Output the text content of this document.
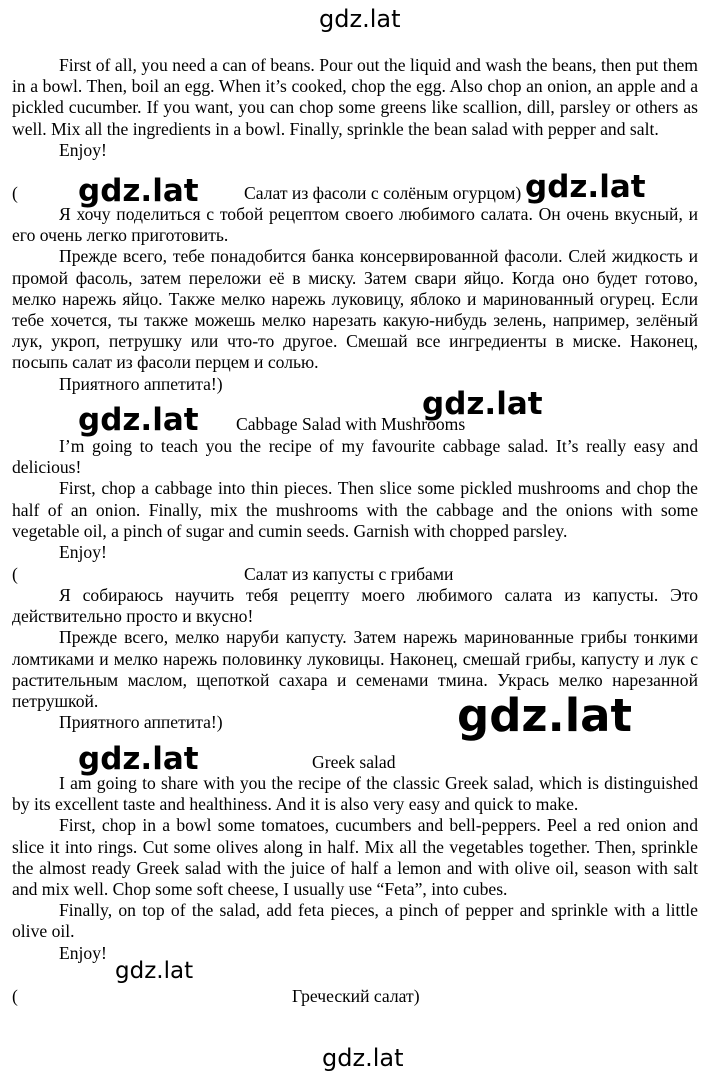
gdz.lat

First of all, you need a can of beans. Pour out the liquid and wash the beans, then put them in a bowl. Then, boil an egg. When it’s cooked, chop the egg. Also chop an onion, an apple and a pickled cucumber. If you want, you can chop some greens like scallion, dill, parsley or others as well. Mix all the ingredients in a bowl. Finally, sprinkle the bean salad with pepper and salt.

Enjoy!

(	Салат из фасоли с солёным огурцом)
gdz.lat	gdz.lat

Я хочу поделиться с тобой рецептом своего любимого салата. Он очень вкусный, и его очень легко приготовить.

Прежде всего, тебе понадобится банка консервированной фасоли. Слей жидкость и промой фасоль, затем переложи её в миску. Затем свари яйцо. Когда оно будет готово, мелко нарежь яйцо. Также мелко нарежь луковицу, яблоко и маринованный огурец. Если тебе хочется, ты также можешь мелко нарезать какую-нибудь зелень, например, зелёный лук, укроп, петрушку или что-то другое. Смешай все ингредиенты в миске. Наконец, посыпь салат из фасоли перцем и солью.

Приятного аппетита!)

Cabbage Salad with Mushrooms
gdz.lat	gdz.lat

I’m going to teach you the recipe of my favourite cabbage salad. It’s really easy and delicious!

First, chop a cabbage into thin pieces. Then slice some pickled mushrooms and chop the half of an onion. Finally, mix the mushrooms with the cabbage and the onions with some vegetable oil, a pinch of sugar and cumin seeds. Garnish with chopped parsley.

Enjoy!

(	Салат из капусты с грибами

Я собираюсь научить тебя рецепту моего любимого салата из капусты. Это действительно просто и вкусно!

Прежде всего, мелко наруби капусту. Затем нарежь маринованные грибы тонкими ломтиками и мелко нарежь половинку луковицы. Наконец, смешай грибы, капусту и лук с растительным маслом, щепоткой сахара и семенами тмина. Укрась мелко нарезанной петрушкой.

Приятного аппетита!)	gdz.lat
Greek salad
gdz.lat

I am going to share with you the recipe of the classic Greek salad, which is distinguished by its excellent taste and healthiness. And it is also very easy and quick to make.

First, chop in a bowl some tomatoes, cucumbers and bell-peppers. Peel a red onion and slice it into rings. Cut some olives along in half. Mix all the vegetables together. Then, sprinkle the almost ready Greek salad with the juice of half a lemon and with olive oil, season with salt and mix well. Chop some soft cheese, I usually use “Feta”, into cubes.

Finally, on top of the salad, add feta pieces, a pinch of pepper and sprinkle with a little olive oil.

Enjoy!

gdz.lat
(	Греческий салат)
gdz.lat
